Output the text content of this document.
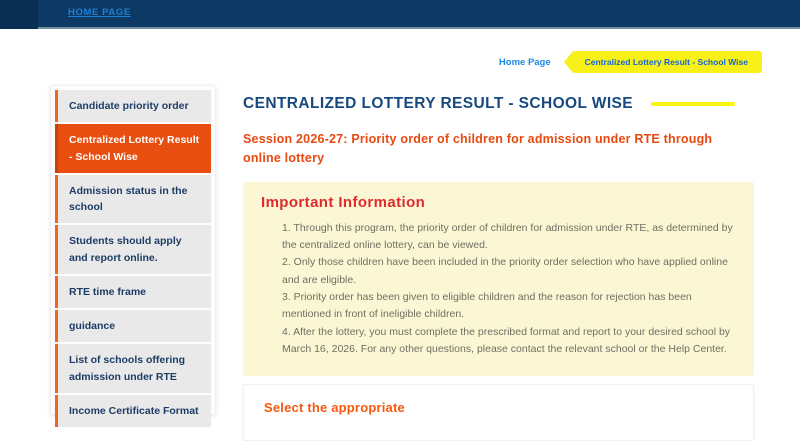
HOME PAGE
Home Page	Centralized Lottery Result - School Wise
Candidate priority order
Centralized Lottery Result - School Wise
Admission status in the school
Students should apply and report online.
RTE time frame
guidance
List of schools offering admission under RTE
Income Certificate Format
CENTRALIZED LOTTERY RESULT - SCHOOL WISE
Session 2026-27: Priority order of children for admission under RTE through online lottery
Important Information
1. Through this program, the priority order of children for admission under RTE, as determined by the centralized online lottery, can be viewed.
2. Only those children have been included in the priority order selection who have applied online and are eligible.
3. Priority order has been given to eligible children and the reason for rejection has been mentioned in front of ineligible children.
4. After the lottery, you must complete the prescribed format and report to your desired school by March 16, 2026. For any other questions, please contact the relevant school or the Help Center.
Select the appropriate
